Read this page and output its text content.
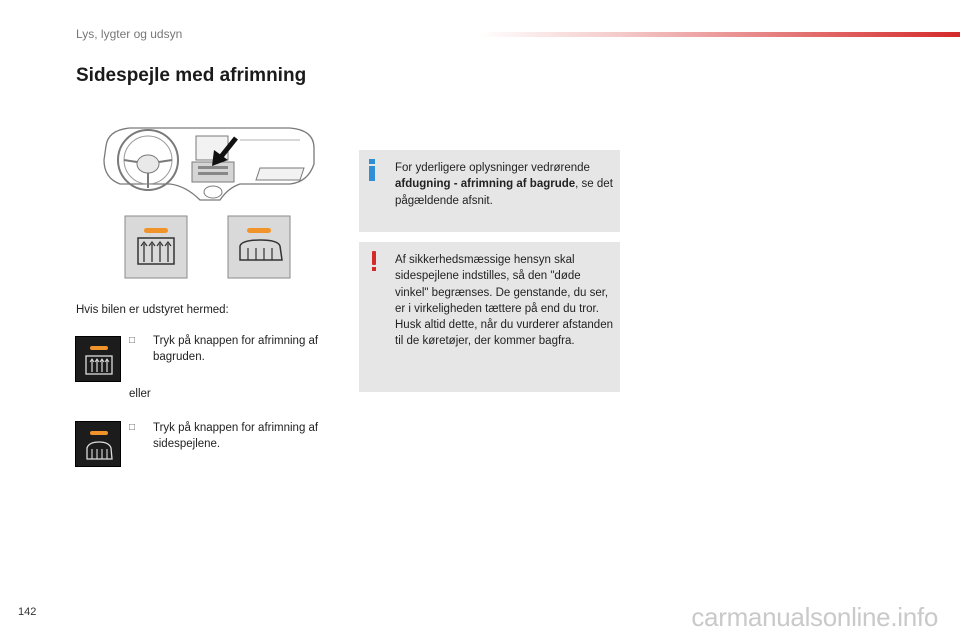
Lys, lygter og udsyn
Sidespejle med afrimning
Hvis bilen er udstyret hermed:
□	Tryk på knappen for afrimning af bagruden.
eller
□	Tryk på knappen for afrimning af sidespejlene.
For yderligere oplysninger vedrørende afdugning - afrimning af bagrude, se det pågældende afsnit.
Af sikkerhedsmæssige hensyn skal sidespejlene indstilles, så den "døde vinkel" begrænses. De genstande, du ser, er i virkeligheden tættere på end du tror. Husk altid dette, når du vurderer afstanden til de køretøjer, der kommer bagfra.
142	carmanualsonline.info
